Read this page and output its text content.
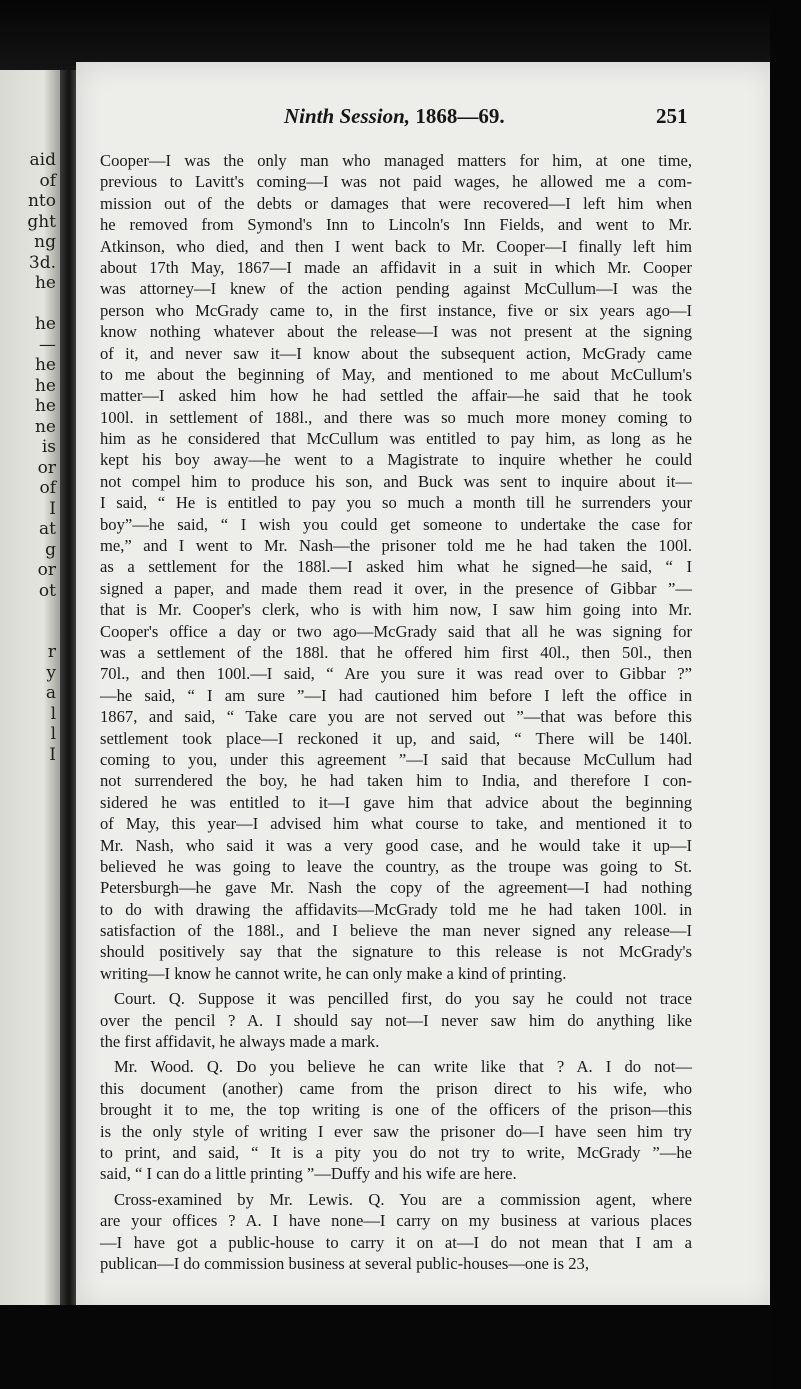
aid
of
nto
ght
ng
3d.
he
he
—
he
he
he
ne
is
or
of
I
at
g
or
ot
r
y
a
l
l
I
Ninth Session, 1868—69.	251
Cooper—I was the only man who managed matters for him, at one time,
previous to Lavitt's coming—I was not paid wages, he allowed me a com-
mission out of the debts or damages that were recovered—I left him when
he removed from Symond's Inn to Lincoln's Inn Fields, and went to Mr.
Atkinson, who died, and then I went back to Mr. Cooper—I finally left him
about 17th May, 1867—I made an affidavit in a suit in which Mr. Cooper
was attorney—I knew of the action pending against McCullum—I was the
person who McGrady came to, in the first instance, five or six years ago—I
know nothing whatever about the release—I was not present at the signing
of it, and never saw it—I know about the subsequent action, McGrady came
to me about the beginning of May, and mentioned to me about McCullum's
matter—I asked him how he had settled the affair—he said that he took
100l. in settlement of 188l., and there was so much more money coming to
him as he considered that McCullum was entitled to pay him, as long as he
kept his boy away—he went to a Magistrate to inquire whether he could
not compel him to produce his son, and Buck was sent to inquire about it—
I said, “ He is entitled to pay you so much a month till he surrenders your
boy”—he said, “ I wish you could get someone to undertake the case for
me,” and I went to Mr. Nash—the prisoner told me he had taken the 100l.
as a settlement for the 188l.—I asked him what he signed—he said, “ I
signed a paper, and made them read it over, in the presence of Gibbar ”—
that is Mr. Cooper's clerk, who is with him now, I saw him going into Mr.
Cooper's office a day or two ago—McGrady said that all he was signing for
was a settlement of the 188l. that he offered him first 40l., then 50l., then
70l., and then 100l.—I said, “ Are you sure it was read over to Gibbar ?”
—he said, “ I am sure ”—I had cautioned him before I left the office in
1867, and said, “ Take care you are not served out ”—that was before this
settlement took place—I reckoned it up, and said, “ There will be 140l.
coming to you, under this agreement ”—I said that because McCullum had
not surrendered the boy, he had taken him to India, and therefore I con-
sidered he was entitled to it—I gave him that advice about the beginning
of May, this year—I advised him what course to take, and mentioned it to
Mr. Nash, who said it was a very good case, and he would take it up—I
believed he was going to leave the country, as the troupe was going to St.
Petersburgh—he gave Mr. Nash the copy of the agreement—I had nothing
to do with drawing the affidavits—McGrady told me he had taken 100l. in
satisfaction of the 188l., and I believe the man never signed any release—I
should positively say that the signature to this release is not McGrady's
writing—I know he cannot write, he can only make a kind of printing.
Court. Q. Suppose it was pencilled first, do you say he could not trace
over the pencil ? A. I should say not—I never saw him do anything like
the first affidavit, he always made a mark.
Mr. Wood. Q. Do you believe he can write like that ? A. I do not—
this document (another) came from the prison direct to his wife, who
brought it to me, the top writing is one of the officers of the prison—this
is the only style of writing I ever saw the prisoner do—I have seen him try
to print, and said, “ It is a pity you do not try to write, McGrady ”—he
said, “ I can do a little printing ”—Duffy and his wife are here.
Cross-examined by Mr. Lewis. Q. You are a commission agent, where
are your offices ? A. I have none—I carry on my business at various places
—I have got a public-house to carry it on at—I do not mean that I am a
publican—I do commission business at several public-houses—one is 23,
